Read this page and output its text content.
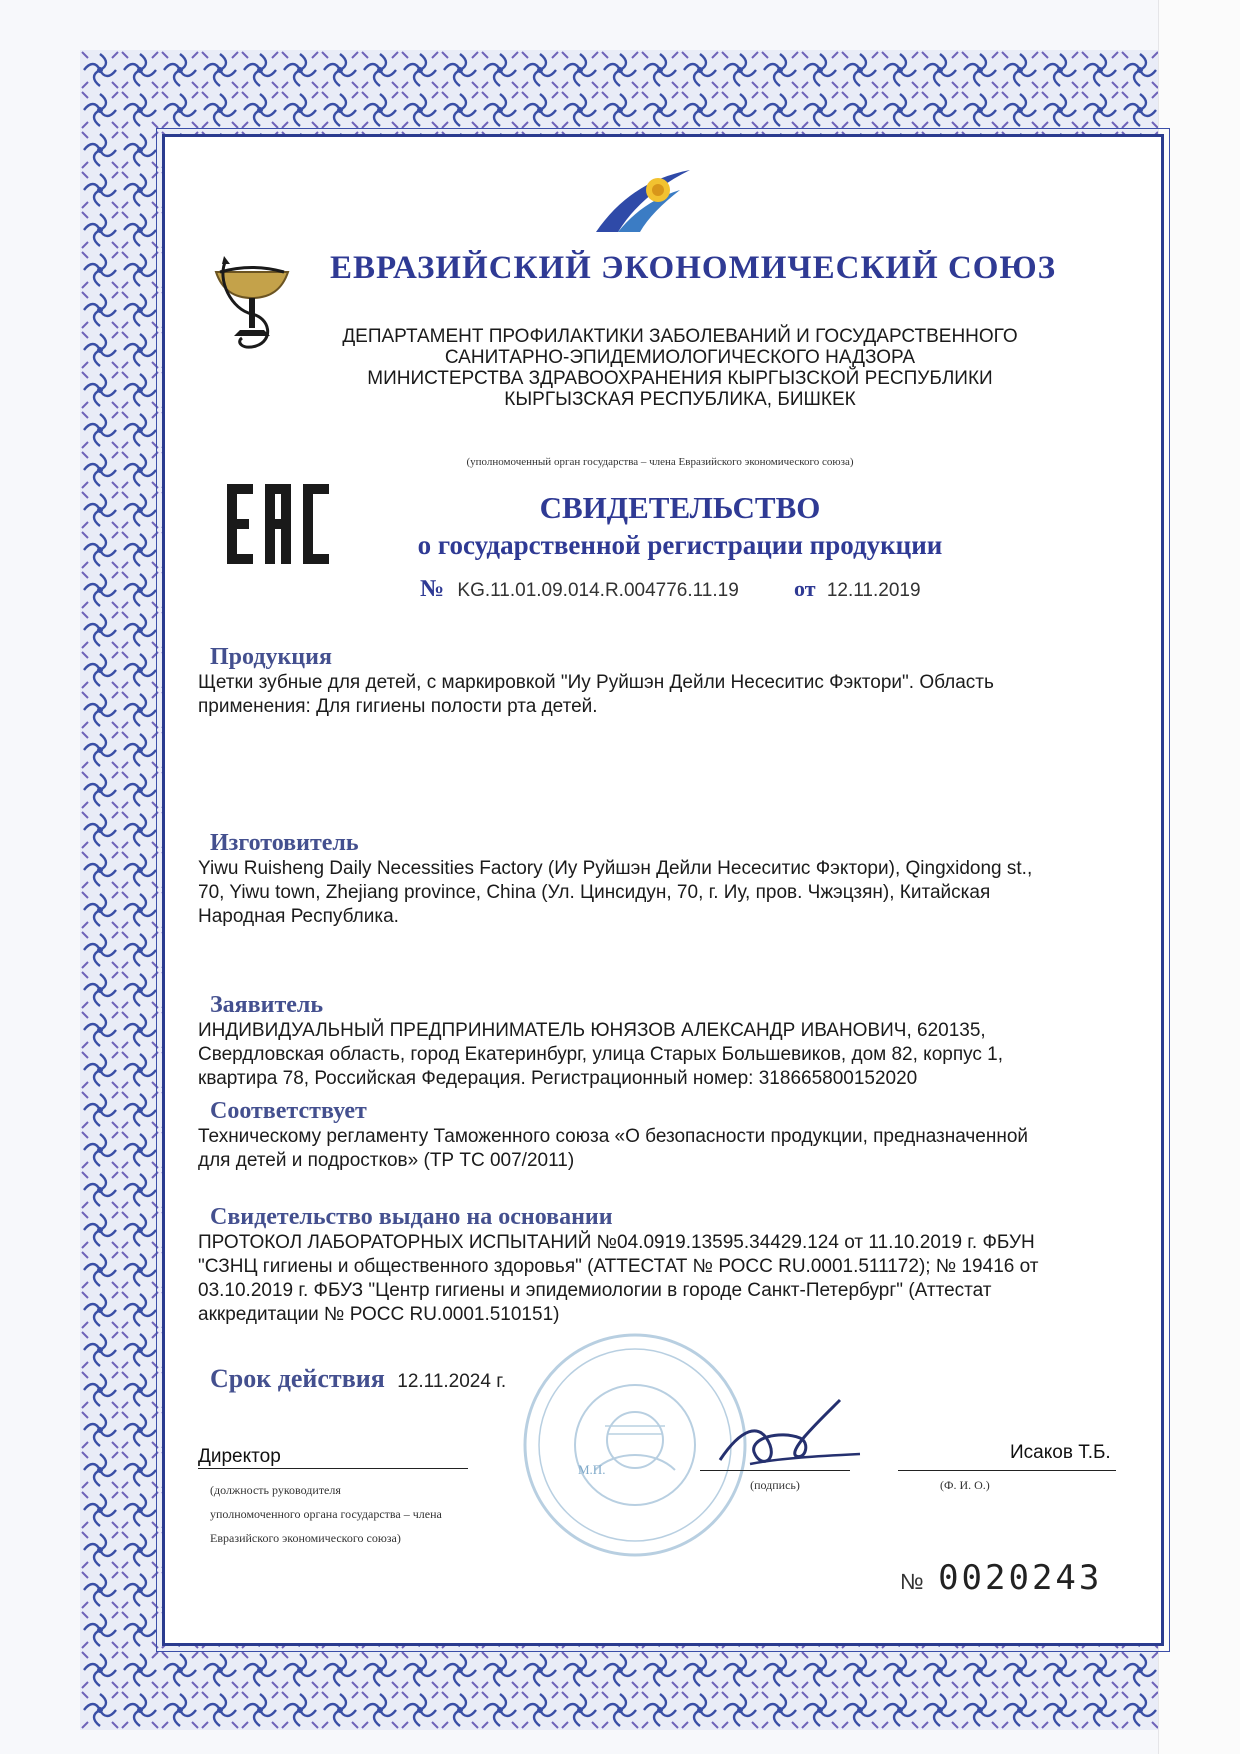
ЕВРАЗИЙСКИЙ ЭКОНОМИЧЕСКИЙ СОЮЗ
ДЕПАРТАМЕНТ ПРОФИЛАКТИКИ ЗАБОЛЕВАНИЙ И ГОСУДАРСТВЕННОГО
САНИТАРНО-ЭПИДЕМИОЛОГИЧЕСКОГО НАДЗОРА
МИНИСТЕРСТВА ЗДРАВООХРАНЕНИЯ КЫРГЫЗСКОЙ РЕСПУБЛИКИ
КЫРГЫЗСКАЯ РЕСПУБЛИКА, БИШКЕК
(уполномоченный орган государства – члена Евразийского экономического союза)
СВИДЕТЕЛЬСТВО
о государственной регистрации продукции
№ KG.11.01.09.014.R.004776.11.19	от 12.11.2019
Продукция
Щетки зубные для детей, с маркировкой "Иу Руйшэн Дейли Несеситис Фэктори". Область
применения: Для гигиены полости рта детей.
Изготовитель
Yiwu Ruisheng Daily Necessities Factory (Иу Руйшэн Дейли Несеситис Фэктори), Qingxidong st.,
70, Yiwu town, Zhejiang province, China (Ул. Цинсидун, 70, г. Иу, пров. Чжэцзян), Китайская
Народная Республика.
Заявитель
ИНДИВИДУАЛЬНЫЙ ПРЕДПРИНИМАТЕЛЬ ЮНЯЗОВ АЛЕКСАНДР ИВАНОВИЧ, 620135,
Свердловская область, город Екатеринбург, улица Старых Большевиков, дом 82, корпус 1,
квартира 78, Российская Федерация. Регистрационный номер: 318665800152020
Соответствует
Техническому регламенту Таможенного союза «О безопасности продукции, предназначенной
для детей и подростков» (ТР ТС 007/2011)
Свидетельство выдано на основании
ПРОТОКОЛ ЛАБОРАТОРНЫХ ИСПЫТАНИЙ №04.0919.13595.34429.124 от 11.10.2019 г. ФБУН
"СЗНЦ гигиены и общественного здоровья" (АТТЕСТАТ № РОСС RU.0001.511172); № 19416 от
03.10.2019 г. ФБУЗ "Центр гигиены и эпидемиологии в городе Санкт-Петербург" (Аттестат
аккредитации № РОСС RU.0001.510151)
Срок действия 12.11.2024 г.
Директор
(должность руководителя
уполномоченного органа государства – члена
Евразийского экономического союза)
М.П.
(подпись)
Исаков Т.Б.
(Ф. И. О.)
№ 0020243
